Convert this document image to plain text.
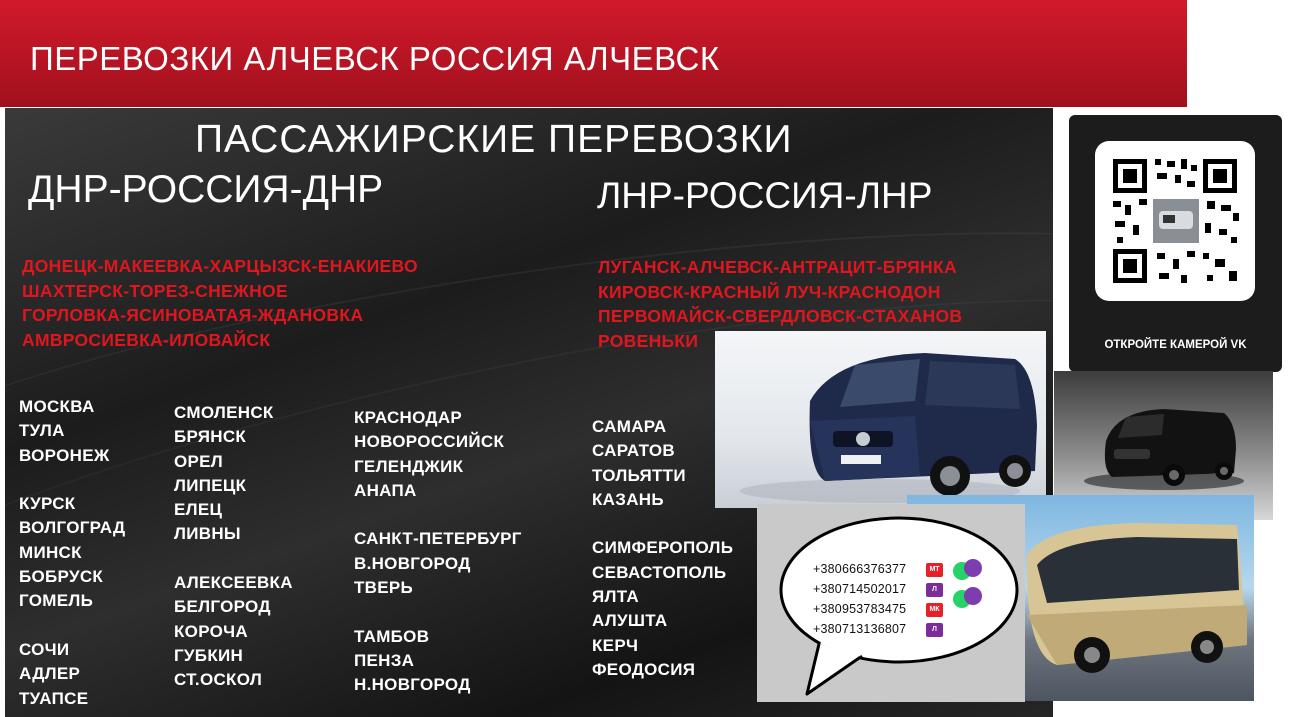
ПЕРЕВОЗКИ АЛЧЕВСК РОССИЯ АЛЧЕВСК
ПАССАЖИРСКИЕ ПЕРЕВОЗКИ
ДНР-РОССИЯ-ДНР	ЛНР-РОССИЯ-ЛНР
ДОНЕЦК-МАКЕЕВКА-ХАРЦЫЗСК-ЕНАКИЕВО
ШАХТЕРСК-ТОРЕЗ-СНЕЖНОЕ
ГОРЛОВКА-ЯСИНОВАТАЯ-ЖДАНОВКА
АМВРОСИЕВКА-ИЛОВАЙСК
ЛУГАНСК-АЛЧЕВСК-АНТРАЦИТ-БРЯНКА
КИРОВСК-КРАСНЫЙ ЛУЧ-КРАСНОДОН
ПЕРВОМАЙСК-СВЕРДЛОВСК-СТАХАНОВ
РОВЕНЬКИ
МОСКВА
ТУЛА
ВОРОНЕЖ
КУРСК
ВОЛГОГРАД
МИНСК
БОБРУСК
ГОМЕЛЬ
СОЧИ
АДЛЕР
ТУАПСЕ
СМОЛЕНСК
БРЯНСК
ОРЕЛ
ЛИПЕЦК
ЕЛЕЦ
ЛИВНЫ
АЛЕКСЕЕВКА
БЕЛГОРОД
КОРОЧА
ГУБКИН
СТ.ОСКОЛ
КРАСНОДАР
НОВОРОССИЙСК
ГЕЛЕНДЖИК
АНАПА
САНКТ-ПЕТЕРБУРГ
В.НОВГОРОД
ТВЕРЬ
ТАМБОВ
ПЕНЗА
Н.НОВГОРОД
САМАРА
САРАТОВ
ТОЛЬЯТТИ
КАЗАНЬ
СИМФЕРОПОЛЬ
СЕВАСТОПОЛЬ
ЯЛТА
АЛУШТА
КЕРЧ
ФЕОДОСИЯ
ОТКРОЙТЕ КАМЕРОЙ VK
+380666376377	МТ
+380714502017	Л
+380953783475	МК
+380713136807	Л
